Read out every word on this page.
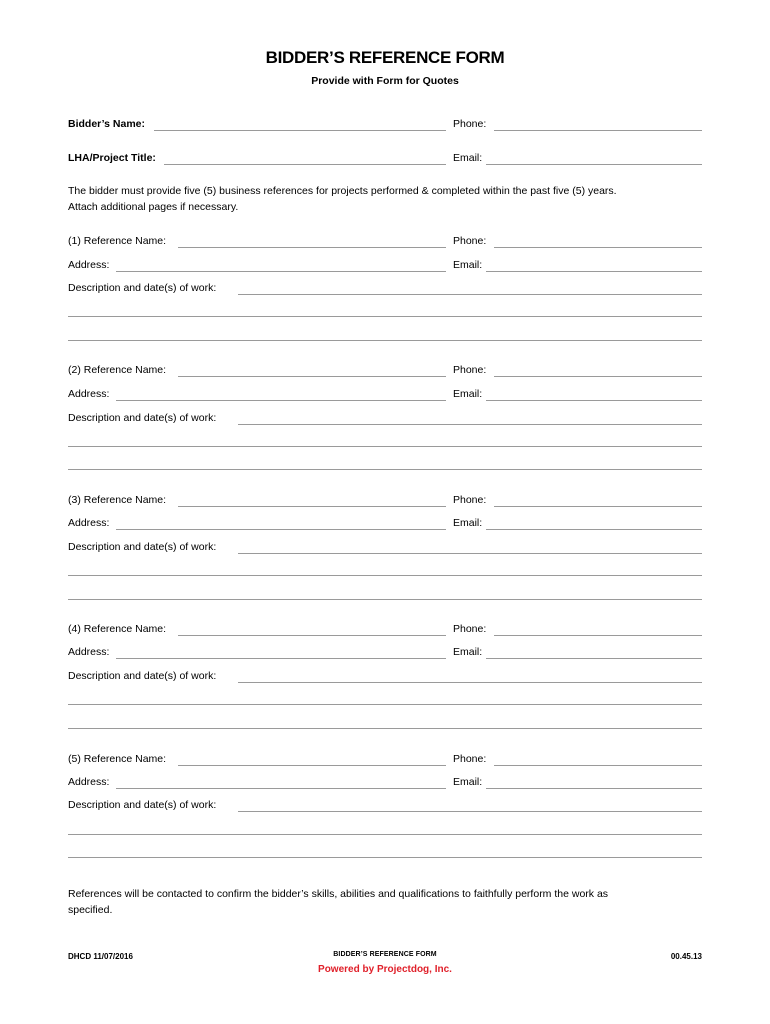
BIDDER’S REFERENCE FORM
Provide with Form for Quotes
Bidder’s Name:	Phone:
LHA/Project Title:	Email:
The bidder must provide five (5) business references for projects performed & completed within the past five (5) years.
Attach additional pages if necessary.
(1) Reference Name:	Phone:
Address:	Email:
Description and date(s) of work:
(2) Reference Name:	Phone:
Address:	Email:
Description and date(s) of work:
(3) Reference Name:	Phone:
Address:	Email:
Description and date(s) of work:
(4) Reference Name:	Phone:
Address:	Email:
Description and date(s) of work:
(5) Reference Name:	Phone:
Address:	Email:
Description and date(s) of work:
References will be contacted to confirm the bidder’s skills, abilities and qualifications to faithfully perform the work as
specified.
DHCD 11/07/2016	BIDDER’S REFERENCE FORM	00.45.13
Powered by Projectdog, Inc.
